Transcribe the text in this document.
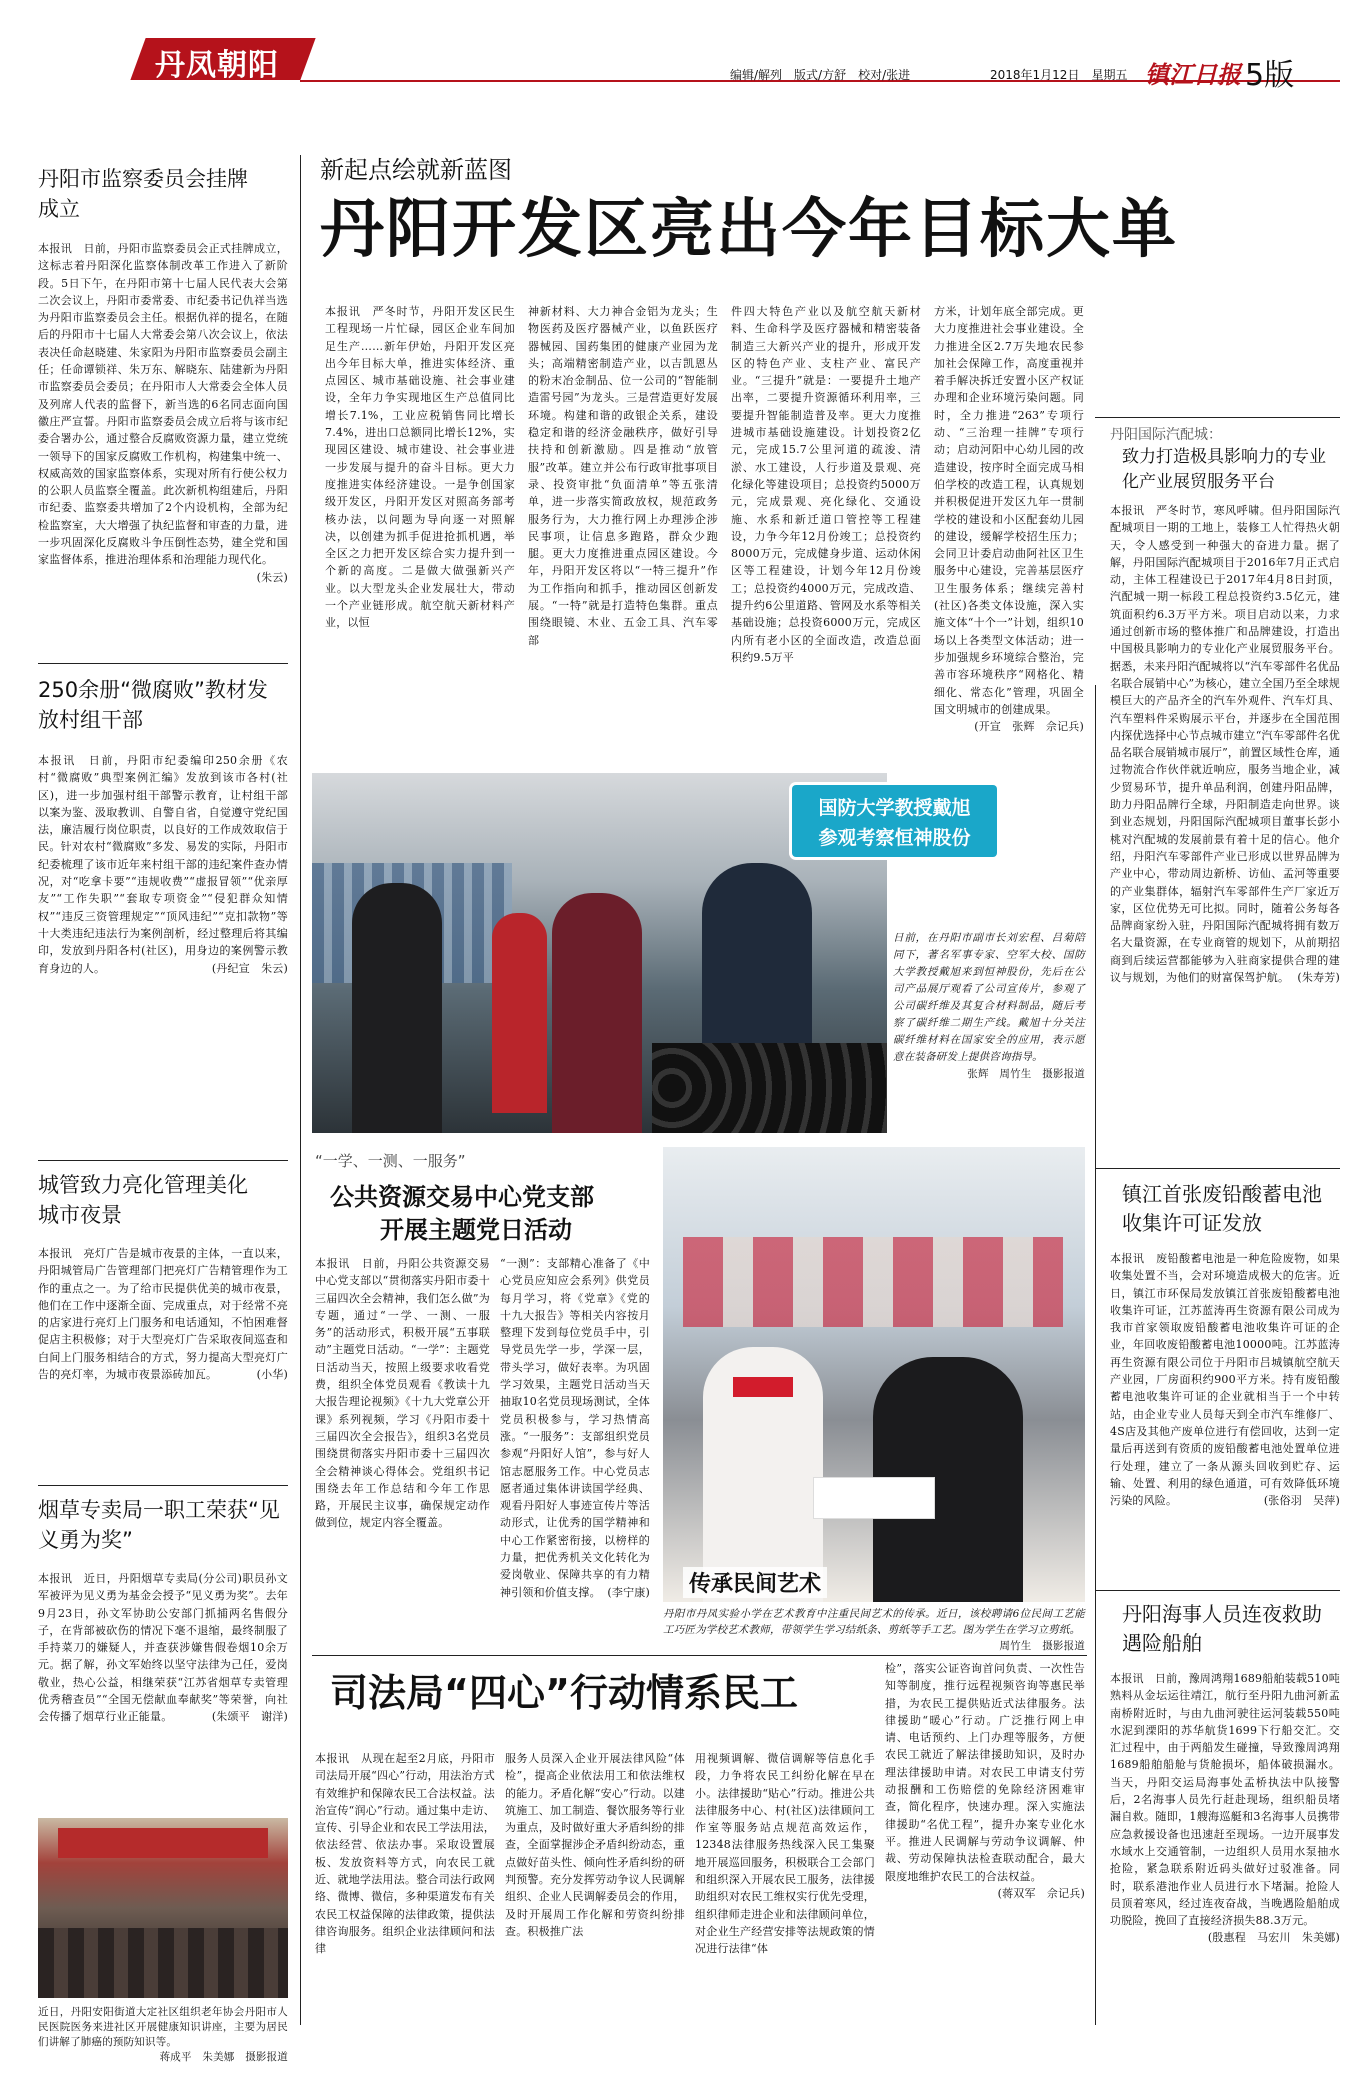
丹凤朝阳	编辑/解列　版式/方舒　校对/张进	2018年1月12日　星期五 镇江日报 5版
丹阳市监察委员会挂牌成立
本报讯　日前，丹阳市监察委员会正式挂牌成立，这标志着丹阳深化监察体制改革工作进入了新阶段。5日下午，在丹阳市第十七届人民代表大会第二次会议上，丹阳市委常委、市纪委书记仇祥当选为丹阳市监察委员会主任。根据仇祥的提名，在随后的丹阳市十七届人大常委会第八次会议上，依法表决任命赵晓建、朱家阳为丹阳市监察委员会副主任；任命谭锁祥、朱万东、解晓东、陆建新为丹阳市监察委员会委员；在丹阳市人大常委会全体人员及列席人代表的监督下，新当选的6名同志面向国徽庄严宣誓。丹阳市监察委员会成立后将与该市纪委合署办公，通过整合反腐败资源力量，建立党统一领导下的国家反腐败工作机构，构建集中统一、权威高效的国家监察体系，实现对所有行使公权力的公职人员监察全覆盖。此次新机构组建后，丹阳市纪委、监察委共增加了2个内设机构，全部为纪检监察室，大大增强了执纪监督和审查的力量，进一步巩固深化反腐败斗争压倒性态势，建全党和国家监督体系，推进治理体系和治理能力现代化。
(朱云)
250余册“微腐败”教材发放村组干部
本报讯　日前，丹阳市纪委编印250余册《农村“微腐败”典型案例汇编》发放到该市各村(社区)，进一步加强村组干部警示教育，让村组干部以案为鉴、汲取教训、自警自省，自觉遵守党纪国法，廉洁履行岗位职责，以良好的工作成效取信于民。针对农村“微腐败”多发、易发的实际，丹阳市纪委梳理了该市近年来村组干部的违纪案件查办情况，对“吃拿卡要”“违规收费”“虚报冒领”“优亲厚友”“工作失职”“套取专项资金”“侵犯群众知情权”“违反三资管理规定”“顶风违纪”“克扣款物”等十大类违纪违法行为案例剖析，经过整理后将其编印，发放到丹阳各村(社区)，用身边的案例警示教育身边的人。	(丹纪宣　朱云)
城管致力亮化管理美化城市夜景
本报讯　亮灯广告是城市夜景的主体，一直以来，丹阳城管局广告管理部门把亮灯广告精管理作为工作的重点之一。为了给市民提供优美的城市夜景，他们在工作中逐渐全面、完成重点，对于经常不亮的店家进行亮灯上门服务和电话通知，不怕困难督促店主积极修；对于大型亮灯广告采取夜间巡查和白间上门服务相结合的方式，努力提高大型亮灯广告的亮灯率，为城市夜景添砖加瓦。	(小华)
烟草专卖局一职工荣获“见义勇为奖”
本报讯　近日，丹阳烟草专卖局(分公司)职员孙文军被评为见义勇为基金会授予“见义勇为奖”。去年9月23日，孙文军协助公安部门抓捕两名售假分子，在背部被砍伤的情况下毫不退缩，最终制服了手持菜刀的嫌疑人，并查获涉嫌售假卷烟10余万元。据了解，孙文军始终以坚守法律为己任，爱岗敬业，热心公益，相继荣获“江苏省烟草专卖管理优秀稽查员”“全国无偿献血奉献奖”等荣誉，向社会传播了烟草行业正能量。	(朱颂平　谢洋)
近日，丹阳安阳街道大定社区组织老年协会丹阳市人民医院医务来进社区开展健康知识讲座，主要为居民们讲解了肺癌的预防知识等。

蒋成平　朱美娜　摄影报道
新起点绘就新蓝图
丹阳开发区亮出今年目标大单
本报讯　严冬时节，丹阳开发区民生工程现场一片忙碌，园区企业车间加足生产……新年伊始，丹阳开发区亮出今年目标大单，推进实体经济、重点园区、城市基础设施、社会事业建设，全年力争实现地区生产总值同比增长7.1%，工业应税销售同比增长7.4%，进出口总额同比增长12%，实现园区建设、城市建设、社会事业进一步发展与提升的奋斗目标。更大力度推进实体经济建设。一是争创国家级开发区，丹阳开发区对照高务部考核办法，以问题为导向逐一对照解决，以创建为抓手促进抢抓机遇，举全区之力把开发区综合实力提升到一个新的高度。二是做大做强新兴产业。以大型龙头企业发展壮大，带动一个产业链形成。航空航天新材料产业，以恒
神新材料、大力神合金铝为龙头；生物医药及医疗器械产业，以鱼跃医疗器械园、国药集团的健康产业园为龙头；高端精密制造产业，以吉凯恩丛的粉末冶金制品、位一公司的“智能制造雷号园”为龙头。三是营造更好发展环境。构建和谐的政银企关系，建设稳定和谐的经济金融秩序，做好引导扶持和创新激励。四是推动“放管服”改革。建立并公布行政审批事项目录、投资审批“负面清单”等五张清单，进一步落实简政放权，规范政务服务行为，大力推行网上办理涉企涉民事项，让信息多跑路，群众少跑腿。更大力度推进重点园区建设。今年，丹阳开发区将以“一特三提升”作为工作指向和抓手，推动园区创新发展。“一特”就是打造特色集群。重点围绕眼镜、木业、五金工具、汽车零部
件四大特色产业以及航空航天新材料、生命科学及医疗器械和精密装备制造三大新兴产业的提升，形成开发区的特色产业、支柱产业、富民产业。“三提升”就是：一要提升土地产出率，二要提升资源循环利用率，三要提升智能制造普及率。更大力度推进城市基础设施建设。计划投资2亿元，完成15.7公里河道的疏浚、清淤、水工建设，人行步道及景观、亮化绿化等建设项目；总投资约5000万元，完成景观、亮化绿化、交通设施、水系和新迁道口管控等工程建设，力争今年12月份竣工；总投资约8000万元，完成健身步道、运动休闲区等工程建设，计划今年12月份竣工；总投资约4000万元，完成改造、提升约6公里道路、管网及水系等相关基础设施；总投资6000万元，完成区内所有老小区的全面改造，改造总面积约9.5万平
方米，计划年底全部完成。更大力度推进社会事业建设。全力推进全区2.7万失地农民参加社会保障工作，高度重视并着手解决拆迁安置小区产权证办理和企业环境污染问题。同时，全力推进“263”专项行动、“三治理一挂牌”专项行动；启动河阳中心幼儿园的改造建设，按序时全面完成马相伯学校的改造工程，认真规划并积极促进开发区九年一贯制学校的建设和小区配套幼儿园的建设，缓解学校招生压力；会同卫计委启动曲阿社区卫生服务中心建设，完善基层医疗卫生服务体系；继续完善村(社区)各类文体设施，深入实施文体“十个一”计划，组织10场以上各类型文体活动；进一步加强规乡环境综合整治，完善市容环境秩序“网格化、精细化、常态化”管理，巩固全国文明城市的创建成果。

(开宣　张辉　佘记兵)
丹阳国际汽配城：
致力打造极具影响力的专业化产业展贸服务平台
本报讯　严冬时节，寒风呼啸。但丹阳国际汽配城项目一期的工地上，装修工人忙得热火朝天，令人感受到一种强大的奋进力量。据了解，丹阳国际汽配城项目于2016年7月正式启动，主体工程建设已于2017年4月8日封顶，汽配城一期一标段工程总投资约3.5亿元，建筑面积约6.3万平方米。项目启动以来，力求通过创新市场的整体推广和品牌建设，打造出中国极具影响力的专业化产业展贸服务平台。据悉，未来丹阳汽配城将以“汽车零部件名优品名联合展销中心”为核心，建立全国乃至全球规模巨大的产品齐全的汽车外观件、汽车灯具、汽车塑料件采购展示平台，并逐步在全国范围内探优选择中心节点城市建立“汽车零部件名优品名联合展销城市展厅”，前置区域性仓库，通过物流合作伙伴就近响应，服务当地企业，减少贸易环节，提升单品利润，创建丹阳品牌，助力丹阳品牌行全球，丹阳制造走向世界。谈到业态规划，丹阳国际汽配城项目董事长彭小桃对汽配城的发展前景有着十足的信心。他介绍，丹阳汽车零部件产业已形成以世界品牌为产业中心，带动周边新桥、访仙、孟河等重要的产业集群体，辐射汽车零部件生产厂家近万家，区位优势无可比拟。同时，随着公务每各品牌商家纷入驻，丹阳国际汽配城将拥有数万名大量资源，在专业商管的规划下，从前期招商到后续运营都能够为入驻商家提供合理的建议与规划，为他们的财富保驾护航。 (朱寿芳)
镇江首张废铅酸蓄电池收集许可证发放
本报讯　废铅酸蓄电池是一种危险废物，如果收集处置不当，会对环境造成极大的危害。近日，镇江市环保局发放镇江首张废铅酸蓄电池收集许可证，江苏蓝涛再生资源有限公司成为我市首家领取废铅酸蓄电池收集许可证的企业，年回收废铅酸蓄电池10000吨。江苏蓝涛再生资源有限公司位于丹阳市吕城镇航空航天产业园，厂房面积约900平方米。持有废铅酸蓄电池收集许可证的企业就相当于一个中转站，由企业专业人员每天到全市汽车维修厂、4S店及其他产废单位进行有偿回收，达到一定量后再送到有资质的废铅酸蓄电池处置单位进行处理，建立了一条从源头回收到贮存、运输、处置、利用的绿色通道，可有效降低环境污染的风险。	(张俗羽　吴萍)
丹阳海事人员连夜救助遇险船舶
本报讯　日前，豫周鸿翔1689船舶装载510吨熟料从金坛运往靖江，航行至丹阳九曲河新孟南桥附近时，与由九曲河驶往运河装载550吨水泥到溧阳的苏华航货1699下行船交汇。交汇过程中，由于两船发生碰撞，导致豫周鸿翔1689船舶船舱与货舱损坏，船体破损漏水。当天，丹阳交运局海事处孟桥执法中队接警后，2名海事人员先行赶赴现场，组织船员堵漏自救。随即，1艘海巡艇和3名海事人员携带应急救援设备也迅速赶至现场。一边开展事发水域水上交通管制，一边组织人员用水泵抽水抢险，紧急联系附近码头做好过驳准备。同时，联系港池作业人员进行水下堵漏。抢险人员顶着寒风，经过连夜奋战，当晚遇险船舶成功脱险，挽回了直接经济损失88.3万元。
(殷惠程　马宏川　朱美娜)
国防大学教授戴旭
参观考察恒神股份
日前，在丹阳市副市长刘宏程、吕菊陪同下，著名军事专家、空军大校、国防大学教授戴旭来到恒神股份，先后在公司产品展厅观看了公司宣传片，参观了公司碳纤维及其复合材料制品，随后考察了碳纤维二期生产线。戴旭十分关注碳纤维材料在国家安全的应用，表示愿意在装备研发上提供咨询指导。

张辉　周竹生　摄影报道
“一学、一测、一服务”
公共资源交易中心党支部
开展主题党日活动
本报讯　日前，丹阳公共资源交易中心党支部以“贯彻落实丹阳市委十三届四次全会精神，我们怎么做”为专题，通过“一学、一测、一服务”的活动形式，积极开展“五事联动”主题党日活动。“一学”：主题党日活动当天，按照上级要求收看党费，组织全体党员观看《教读十九大报告理论视频》《十九大党章公开课》系列视频，学习《丹阳市委十三届四次全会报告》，组织3名党员围绕贯彻落实丹阳市委十三届四次全会精神谈心得体会。党组织书记围绕去年工作总结和今年工作思路，开展民主议事，确保规定动作做到位，规定内容全覆盖。
“一测”：支部精心准备了《中心党员应知应会系列》供党员每月学习，将《党章》《党的十九大报告》等相关内容按月整理下发到每位党员手中，引导党员先学一步，学深一层，带头学习，做好表率。为巩固学习效果，主题党日活动当天抽取10名党员现场测试，全体党员积极参与，学习热情高涨。“一服务”：支部组织党员参观“丹阳好人馆”，参与好人馆志愿服务工作。中心党员志愿者通过集体讲读国学经典、观看丹阳好人事迹宣传片等活动形式，让优秀的国学精神和中心工作紧密衔接，以榜样的力量，把优秀机关文化转化为爱岗敬业、保障共享的有力精神引领和价值支撑。 (李宁康) 传承民间艺术
丹阳市丹凤实验小学在艺术教育中注重民间艺术的传承。近日，该校聘请6位民间工艺能工巧匠为学校艺术教师，带领学生学习结纸条、剪纸等手工艺。图为学生在学习立剪纸。
周竹生　摄影报道
司法局“四心”行动情系民工
本报讯　从现在起至2月底，丹阳市司法局开展“四心”行动，用法治方式有效维护和保障农民工合法权益。法治宣传“润心”行动。通过集中走访、宣传、引导企业和农民工学法用法，依法经营、依法办事。采取设置展板、发放资料等方式，向农民工就近、就地学法用法。整合司法行政网络、微博、微信，多种渠道发布有关农民工权益保障的法律政策，提供法律咨询服务。组织企业法律顾问和法律
服务人员深入企业开展法律风险“体检”，提高企业依法用工和依法维权的能力。矛盾化解“安心”行动。以建筑施工、加工制造、餐饮服务等行业为重点，及时做好重大矛盾纠纷的排查，全面掌握涉企矛盾纠纷动态，重点做好苗头性、倾向性矛盾纠纷的研判预警。充分发挥劳动争议人民调解组织、企业人民调解委员会的作用，及时开展周工作化解和劳资纠纷排查。积极推广法
用视频调解、微信调解等信息化手段，力争将农民工纠纷化解在早在小。法律援助“贴心”行动。推进公共法律服务中心、村(社区)法律顾问工作室等服务站点规范高效运作，12348法律服务热线深入民工集聚地开展巡回服务，积极联合工会部门和组织深入开展农民工服务，法律援助组织对农民工维权实行优先受理，组织律师走进企业和法律顾问单位，对企业生产经营安排等法规政策的情况进行法律“体
检”，落实公证咨询首问负责、一次性告知等制度，推行远程视频咨询等惠民举措，为农民工提供贴近式法律服务。法律援助“暖心”行动。广泛推行网上申请、电话预约、上门办理等服务，方便农民工就近了解法律援助知识，及时办理法律援助申请。对农民工申请支付劳动报酬和工伤赔偿的免除经济困难审查，简化程序，快速办理。深入实施法律援助“名优工程”，提升办案专业化水平。推进人民调解与劳动争议调解、仲裁、劳动保障执法检查联动配合，最大限度地维护农民工的合法权益。
(蒋双军　佘记兵)
